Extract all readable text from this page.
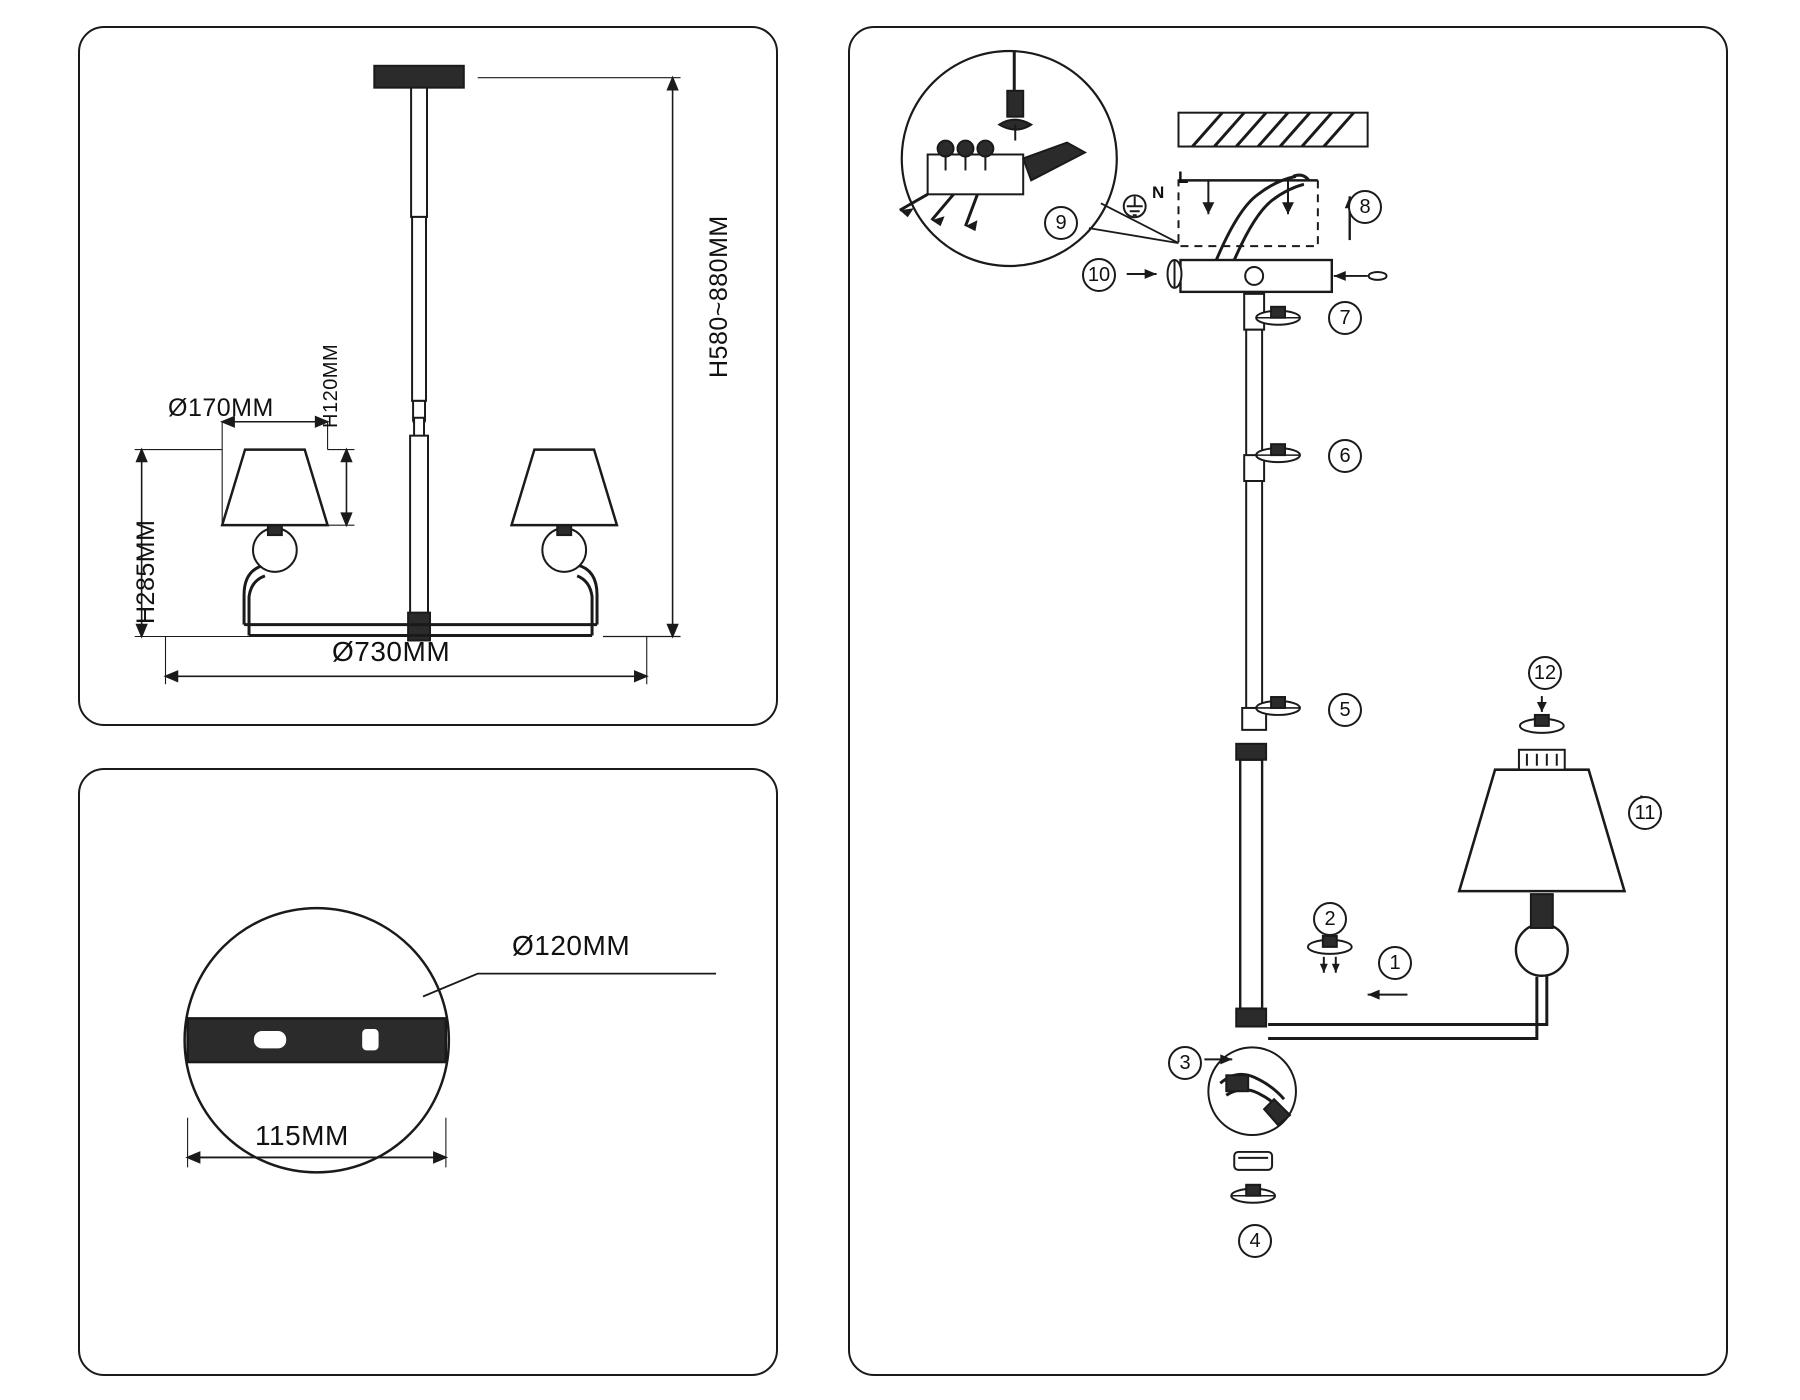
H580~880MM
Ø170MM H120MM
H285MM
Ø730MM
Ø120MM
115MM
N
L
9
8
10
7
6
5
12
11
2
1
3
4
